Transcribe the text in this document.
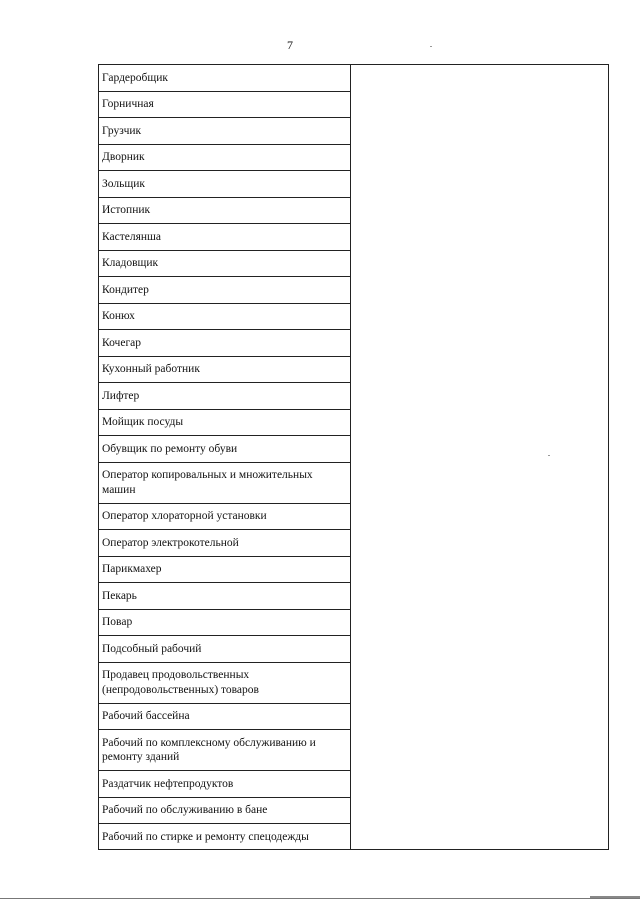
7
Гардеробщик
Горничная
Грузчик
Дворник
Зольщик
Истопник
Кастелянша
Кладовщик
Кондитер
Конюх
Кочегар
Кухонный работник
Лифтер
Мойщик посуды
Обувщик по ремонту обуви
Оператор копировальных и множительных машин
Оператор хлораторной установки
Оператор электрокотельной
Парикмахер
Пекарь
Повар
Подсобный рабочий
Продавец продовольственных (непродовольственных) товаров
Рабочий бассейна
Рабочий по комплексному обслуживанию и ремонту зданий
Раздатчик нефтепродуктов
Рабочий по обслуживанию в бане
Рабочий по стирке и ремонту спецодежды
